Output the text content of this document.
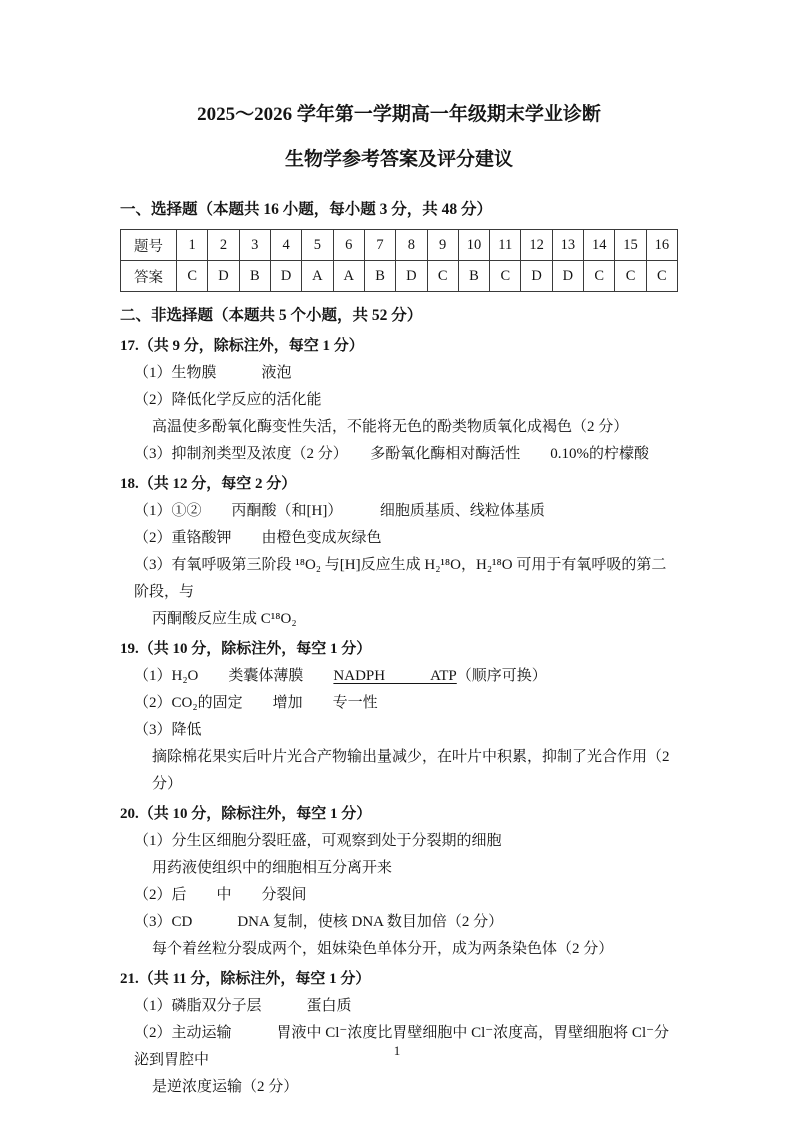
2025～2026 学年第一学期高一年级期末学业诊断
生物学参考答案及评分建议
一、选择题（本题共 16 小题，每小题 3 分，共 48 分）
题号	1	2	3	4	5	6	7	8	9	10	11	12	13	14	15	16
答案	C	D	B	D	A	A	B	D	C	B	C	D	D	C	C	C
二、非选择题（本题共 5 个小题，共 52 分）
17.（共 9 分，除标注外，每空 1 分）
（1）生物膜　　　液泡
（2）降低化学反应的活化能
高温使多酚氧化酶变性失活，不能将无色的酚类物质氧化成褐色（2 分）
（3）抑制剂类型及浓度（2 分）　　多酚氧化酶相对酶活性　　0.10%的柠檬酸
18.（共 12 分，每空 2 分）
（1）①②　　丙酮酸（和[H]）　　　细胞质基质、线粒体基质
（2）重铬酸钾　　由橙色变成灰绿色
（3）有氧呼吸第三阶段 ¹⁸O₂ 与[H]反应生成 H₂¹⁸O，H₂¹⁸O 可用于有氧呼吸的第二阶段，与
丙酮酸反应生成 C¹⁸O₂
19.（共 10 分，除标注外，每空 1 分）
（1）H₂O　　类囊体薄膜　　NADPH　　　ATP（顺序可换）
（2）CO₂的固定　　增加　　专一性
（3）降低
摘除棉花果实后叶片光合产物输出量减少，在叶片中积累，抑制了光合作用（2 分）
20.（共 10 分，除标注外，每空 1 分）
（1）分生区细胞分裂旺盛，可观察到处于分裂期的细胞
用药液使组织中的细胞相互分离开来
（2）后　　中　　分裂间
（3）CD　　　DNA 复制，使核 DNA 数目加倍（2 分）
每个着丝粒分裂成两个，姐妹染色单体分开，成为两条染色体（2 分）
21.（共 11 分，除标注外，每空 1 分）
（1）磷脂双分子层　　　蛋白质
（2）主动运输　　　胃液中 Cl⁻浓度比胃壁细胞中 Cl⁻浓度高，胃壁细胞将 Cl⁻分泌到胃腔中
是逆浓度运输（2 分）
1
